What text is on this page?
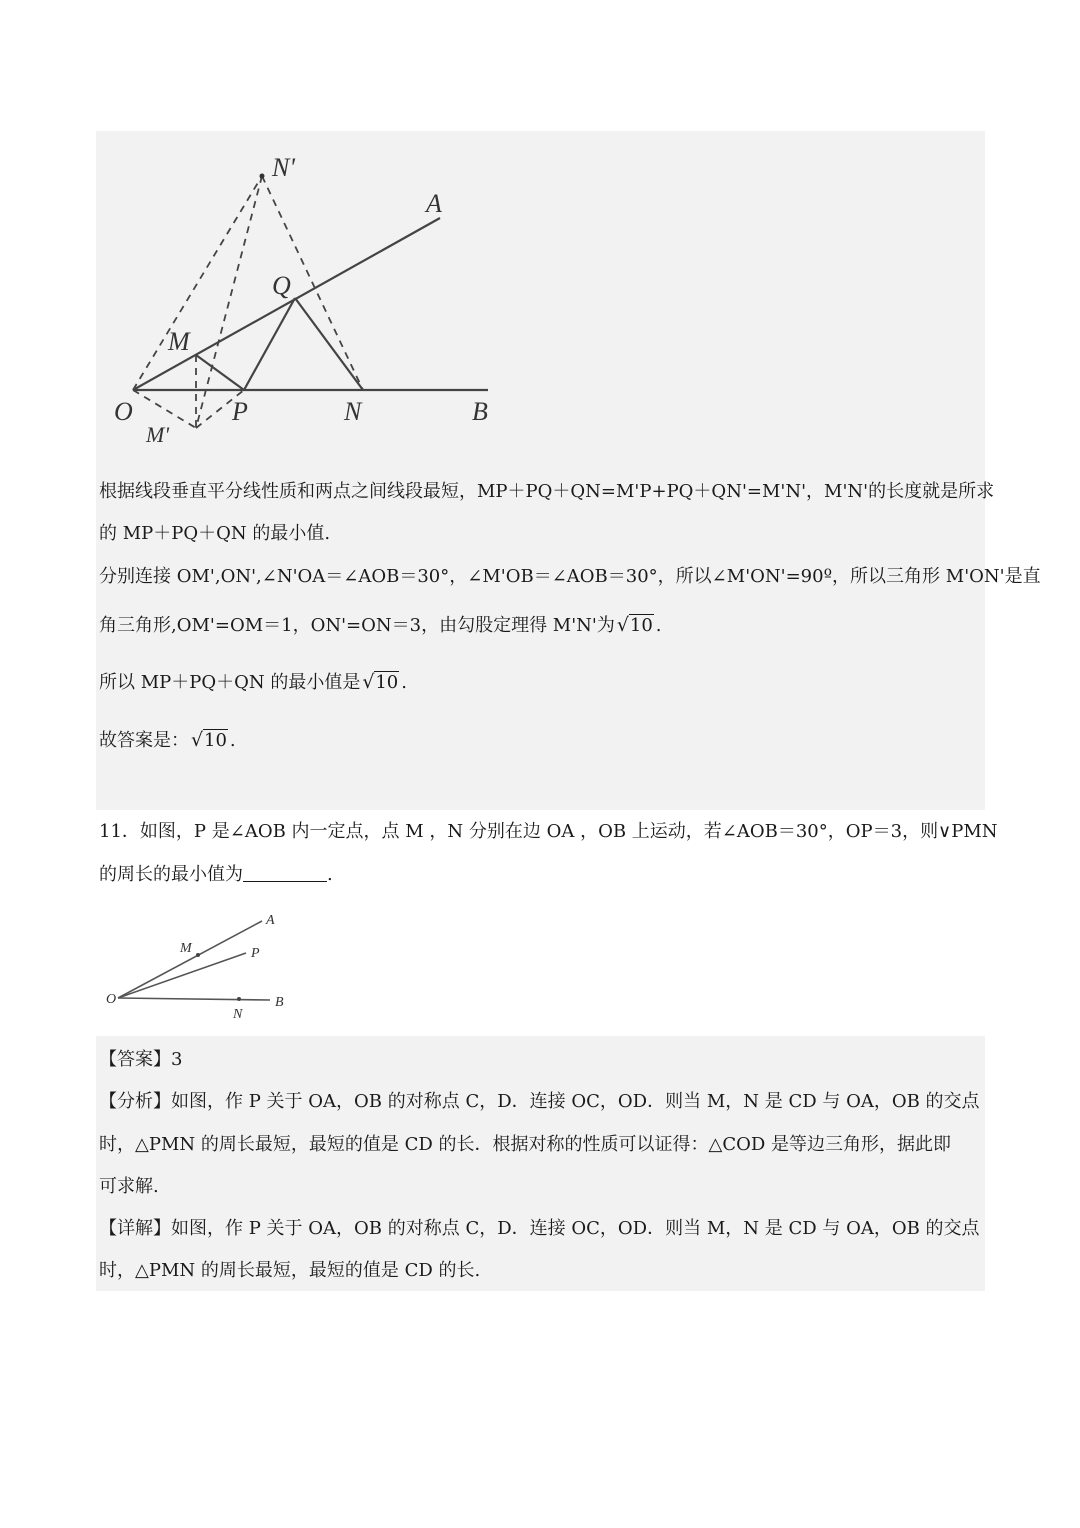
N'
A
Q
M
O	P	N	B
M'
A
M	P
O
N
B
根据线段垂直平分线性质和两点之间线段最短，MP＋PQ＋QN=M'P+PQ＋QN'=M'N'，M'N'的长度就是所求
的 MP＋PQ＋QN 的最小值.
分别连接 OM',ON',∠N'OA＝∠AOB＝30°，∠M'OB＝∠AOB＝30°，所以∠M'ON'=90º，所以三角形 M'ON'是直
角三角形,OM'=OM＝1，ON'=ON＝3，由勾股定理得 M'N'为 √ 10 .
所以 MP＋PQ＋QN 的最小值是 √ 10 .
故答案是： √ 10 .
11．如图，P 是∠AOB 内一定点，点 M ，N 分别在边 OA ，OB 上运动，若∠AOB＝30°，OP＝3，则∨PMN
的周长的最小值为	.
【答案】3
【分析】如图，作 P 关于 OA，OB 的对称点 C，D．连接 OC，OD．则当 M，N 是 CD 与 OA，OB 的交点
时，△PMN 的周长最短，最短的值是 CD 的长．根据对称的性质可以证得：△COD 是等边三角形，据此即
可求解.
【详解】如图，作 P 关于 OA，OB 的对称点 C，D．连接 OC，OD．则当 M，N 是 CD 与 OA，OB 的交点
时，△PMN 的周长最短，最短的值是 CD 的长.
